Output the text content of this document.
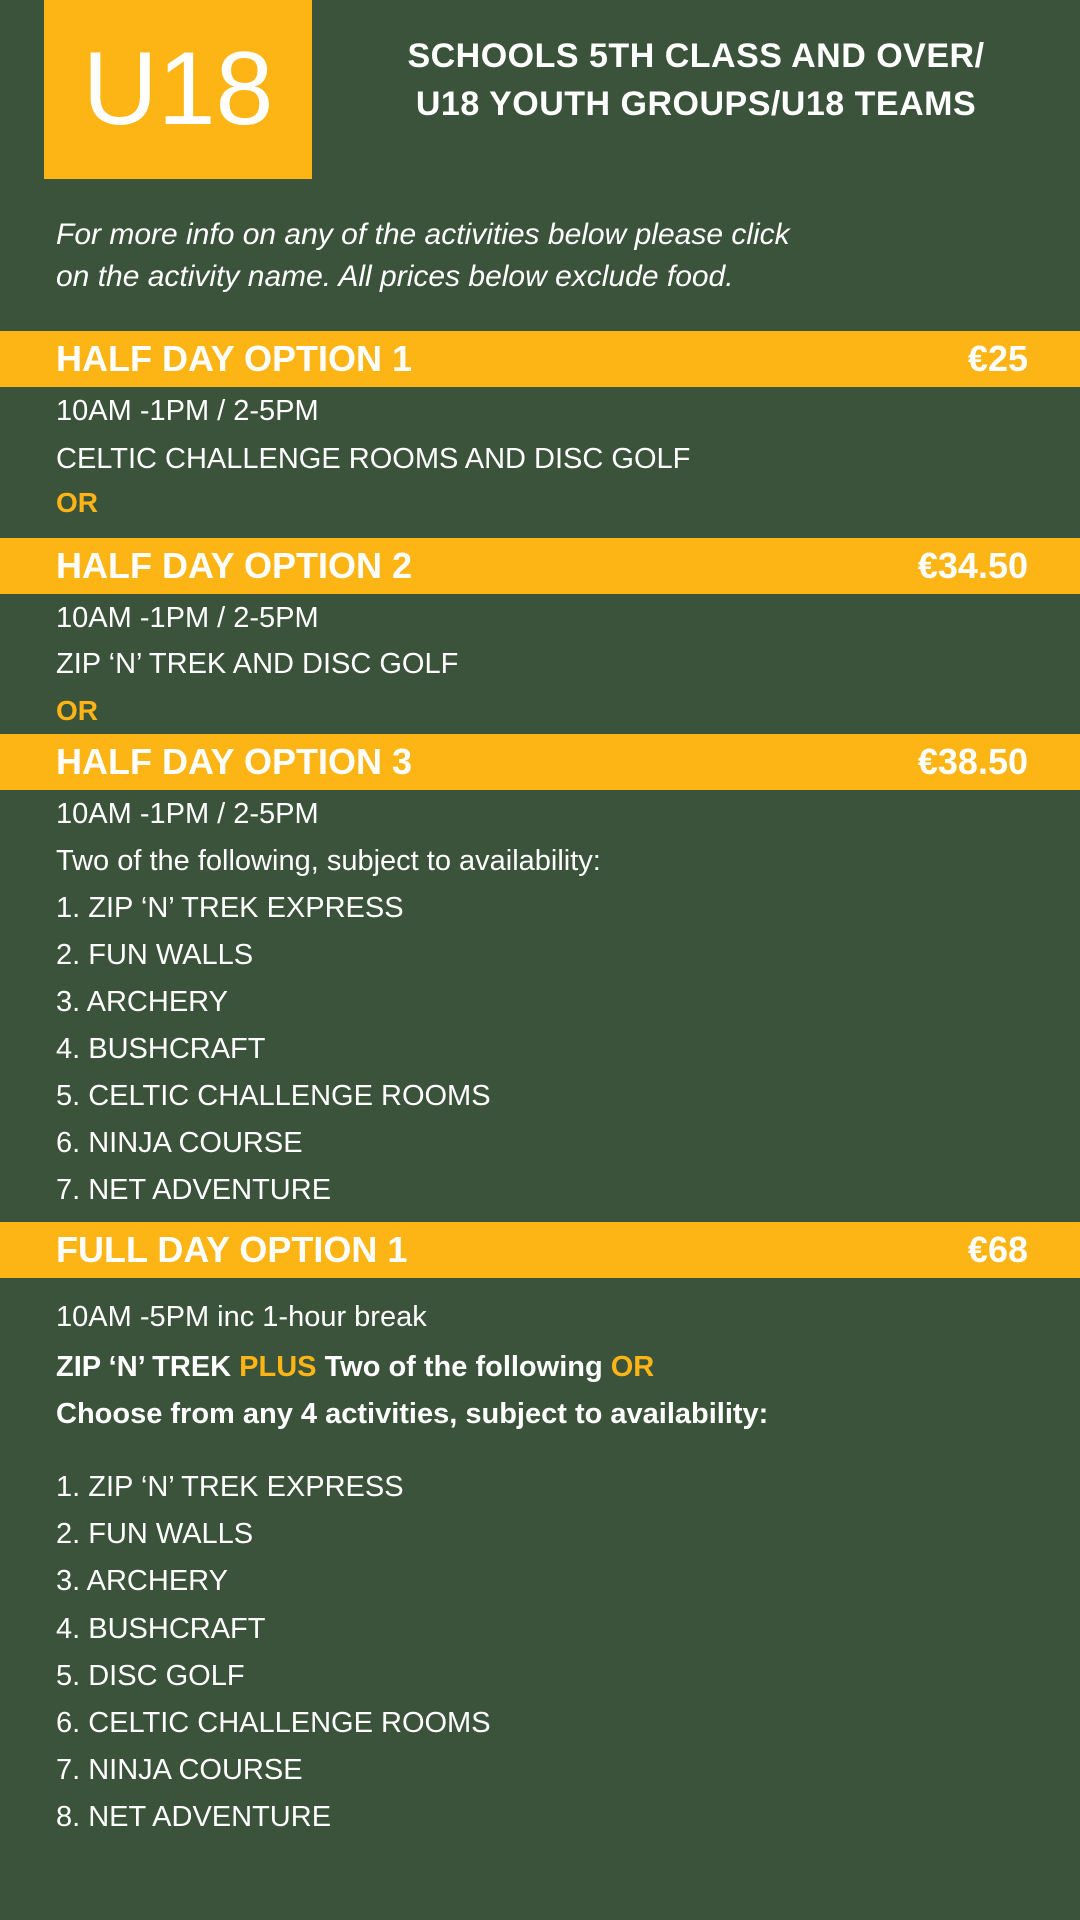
U18	SCHOOLS 5TH CLASS AND OVER/
U18 YOUTH GROUPS/U18 TEAMS
For more info on any of the activities below please click
on the activity name. All prices below exclude food.
HALF DAY OPTION 1	€25
10AM -1PM / 2-5PM
CELTIC CHALLENGE ROOMS AND DISC GOLF
OR
HALF DAY OPTION 2	€34.50
10AM -1PM / 2-5PM
ZIP ‘N’ TREK AND DISC GOLF
OR
HALF DAY OPTION 3	€38.50
10AM -1PM / 2-5PM
Two of the following, subject to availability:
1. ZIP ‘N’ TREK EXPRESS
2. FUN WALLS
3. ARCHERY
4. BUSHCRAFT
5. CELTIC CHALLENGE ROOMS
6. NINJA COURSE
7. NET ADVENTURE
FULL DAY OPTION 1	€68
10AM -5PM inc 1-hour break
ZIP ‘N’ TREK PLUS Two of the following OR
Choose from any 4 activities, subject to availability:
1. ZIP ‘N’ TREK EXPRESS
2. FUN WALLS
3. ARCHERY
4. BUSHCRAFT
5. DISC GOLF
6. CELTIC CHALLENGE ROOMS
7. NINJA COURSE
8. NET ADVENTURE
